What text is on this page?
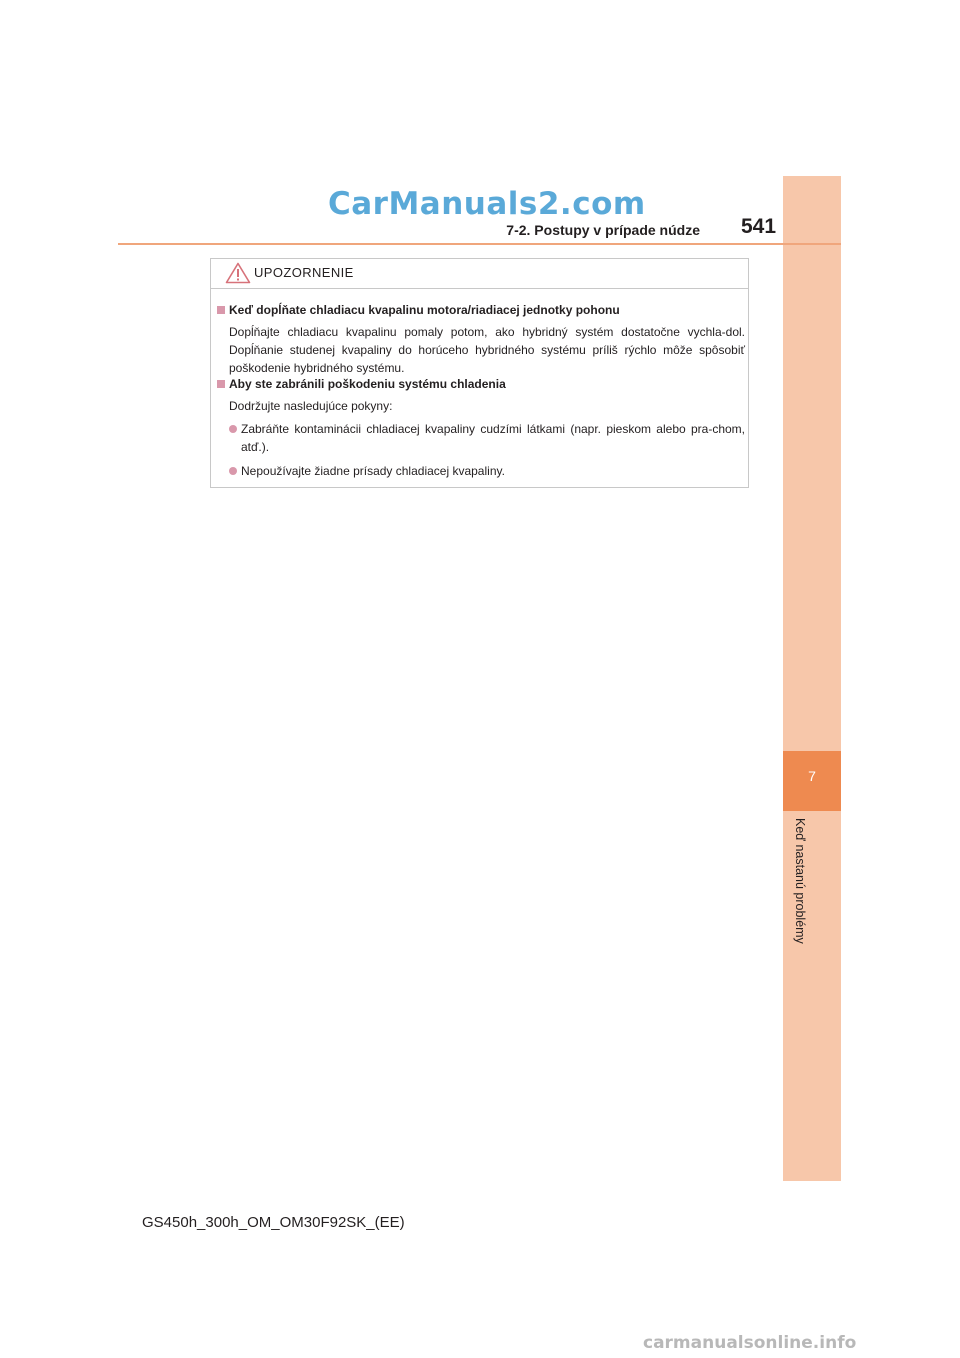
CarManuals2.com
7
Keď nastanú problémy
7-2. Postupy v prípade núdze 541
UPOZORNENIE
Keď dopĺňate chladiacu kvapalinu motora/riadiacej jednotky pohonu
Dopĺňajte chladiacu kvapalinu pomaly potom, ako hybridný systém dostatočne vychla-dol. Dopĺňanie studenej kvapaliny do horúceho hybridného systému príliš rýchlo môže spôsobiť poškodenie hybridného systému.
Aby ste zabránili poškodeniu systému chladenia
Dodržujte nasledujúce pokyny:
Zabráňte kontaminácii chladiacej kvapaliny cudzími látkami (napr. pieskom alebo pra-chom, atď.).
Nepoužívajte žiadne prísady chladiacej kvapaliny.
GS450h_300h_OM_OM30F92SK_(EE)
carmanualsonline.info
